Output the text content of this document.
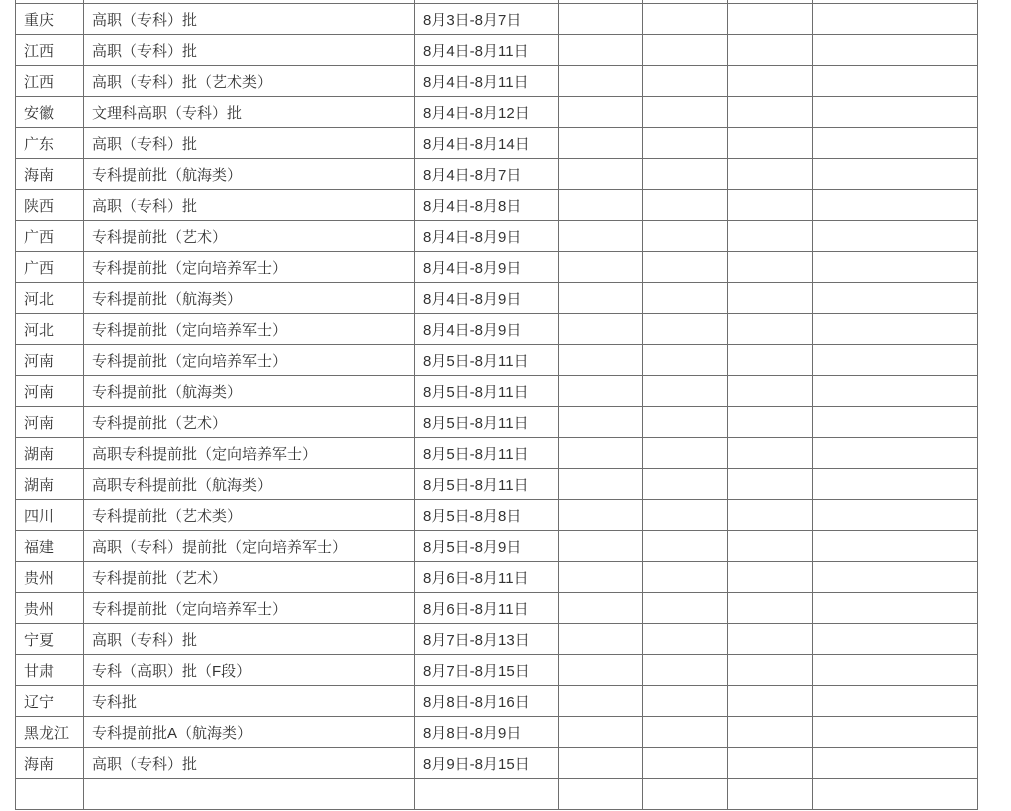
重庆	高职（专科）批	8月3日-8月7日				
江西	高职（专科）批	8月4日-8月11日				
江西	高职（专科）批（艺术类）	8月4日-8月11日				
安徽	文理科高职（专科）批	8月4日-8月12日				
广东	高职（专科）批	8月4日-8月14日				
海南	专科提前批（航海类）	8月4日-8月7日				
陕西	高职（专科）批	8月4日-8月8日				
广西	专科提前批（艺术）	8月4日-8月9日				
广西	专科提前批（定向培养军士）	8月4日-8月9日				
河北	专科提前批（航海类）	8月4日-8月9日				
河北	专科提前批（定向培养军士）	8月4日-8月9日				
河南	专科提前批（定向培养军士）	8月5日-8月11日				
河南	专科提前批（航海类）	8月5日-8月11日				
河南	专科提前批（艺术）	8月5日-8月11日				
湖南	高职专科提前批（定向培养军士）	8月5日-8月11日				
湖南	高职专科提前批（航海类）	8月5日-8月11日				
四川	专科提前批（艺术类）	8月5日-8月8日				
福建	高职（专科）提前批（定向培养军士）	8月5日-8月9日				
贵州	专科提前批（艺术）	8月6日-8月11日				
贵州	专科提前批（定向培养军士）	8月6日-8月11日				
宁夏	高职（专科）批	8月7日-8月13日				
甘肃	专科（高职）批（F段）	8月7日-8月15日				
辽宁	专科批	8月8日-8月16日				
黑龙江	专科提前批A（航海类）	8月8日-8月9日				
海南	高职（专科）批	8月9日-8月15日				
